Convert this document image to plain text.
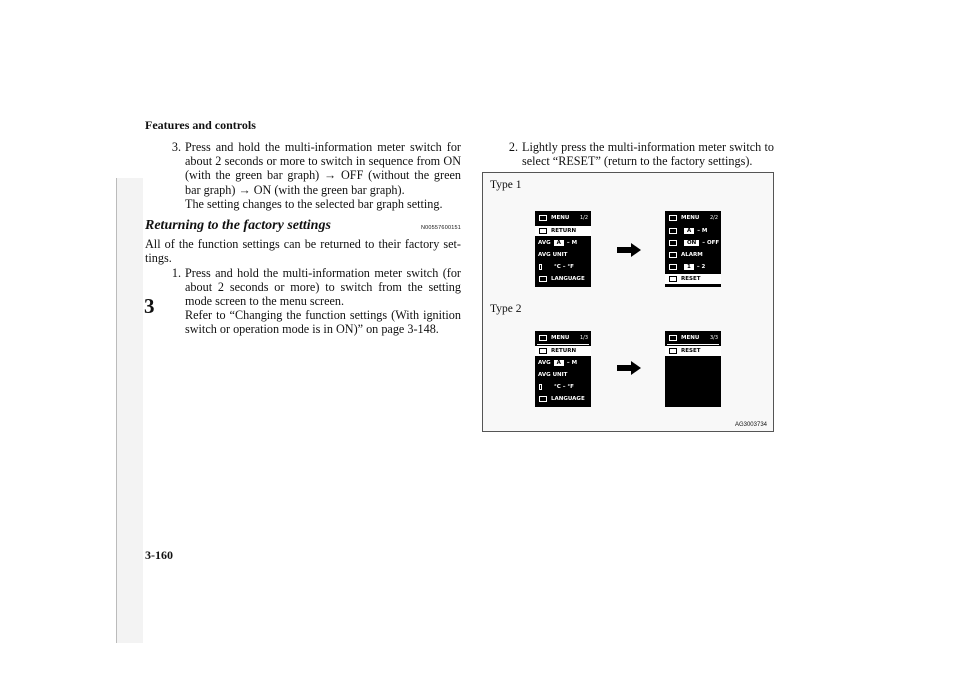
Features and controls
3
3. Press and hold the multi-information meter switch for about 2 seconds or more to switch in sequence from ON (with the green bar graph) → OFF (without the green bar graph) → ON (with the green bar graph).
The setting changes to the selected bar graph setting.
Returning to the factory settings	N00557600151
All of the function settings can be returned to their factory set-tings.
1. Press and hold the multi-information meter switch (for about 2 seconds or more) to switch from the setting mode screen to the menu screen.
Refer to “Changing the function settings (With ignition switch or operation mode is in ON)” on page 3-148.
2. Lightly press the multi-information meter switch to select “RESET” (return to the factory settings).
Type 1
Type 2
MENU 1/2
RETURN
AVG	A	– M
AVG UNIT
°C – °F
LANGUAGE
MENU 2/2
A	– M
ON	– OFF
ALARM
1	– 2
RESET
MENU 1/3
RETURN
AVG	A	– M
AVG UNIT
°C – °F
LANGUAGE
MENU 3/3
RESET
AG3003734
3-160
